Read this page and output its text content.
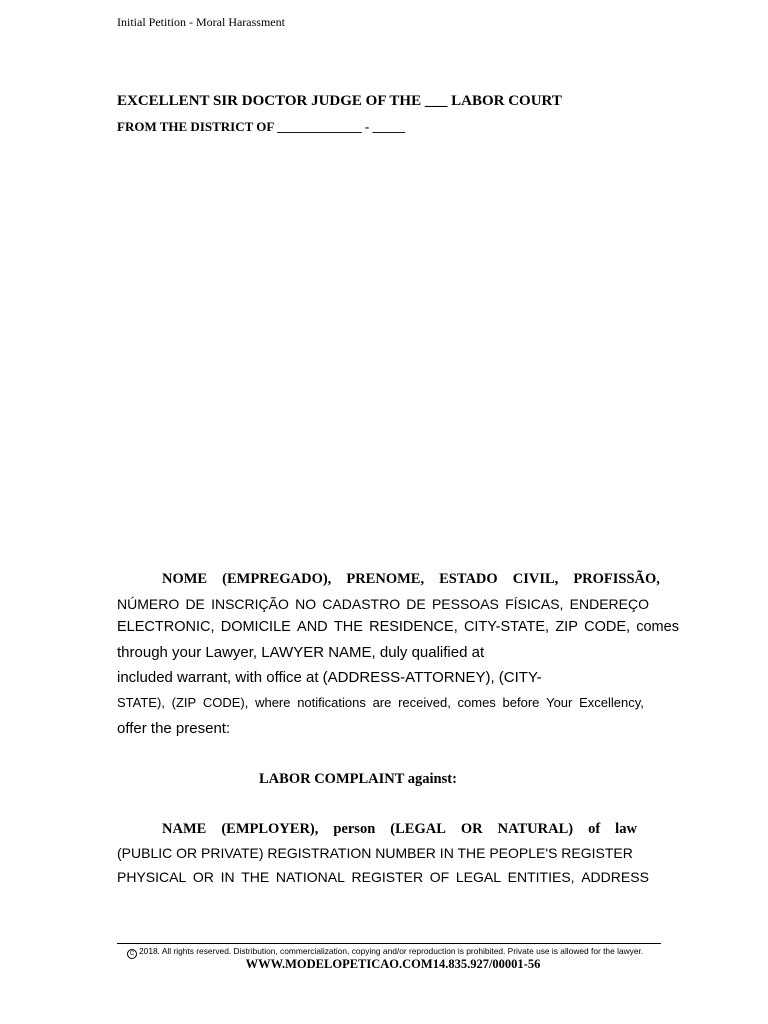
Initial Petition - Moral Harassment
EXCELLENT SIR DOCTOR JUDGE OF THE ___ LABOR COURT
FROM THE DISTRICT OF _____________ - _____
NOME (EMPREGADO), PRENOME, ESTADO CIVIL, PROFISSÃO,
NÚMERO DE INSCRIÇÃO NO CADASTRO DE PESSOAS FÍSICAS, ENDEREÇO
ELECTRONIC, DOMICILE AND THE RESIDENCE, CITY-STATE, ZIP CODE, comes
through your Lawyer, LAWYER NAME, duly qualified at
included warrant, with office at (ADDRESS-ATTORNEY), (CITY-
STATE), (ZIP CODE), where notifications are received, comes before Your Excellency,
offer the present:
LABOR COMPLAINT against:
NAME (EMPLOYER), person (LEGAL OR NATURAL) of law
(PUBLIC OR PRIVATE) REGISTRATION NUMBER IN THE PEOPLE'S REGISTER
PHYSICAL OR IN THE NATIONAL REGISTER OF LEGAL ENTITIES, ADDRESS
C 2018. All rights reserved. Distribution, commercialization, copying and/or reproduction is prohibited. Private use is allowed for the lawyer.
WWW.MODELOPETICAO.COM14.835.927/00001-56
